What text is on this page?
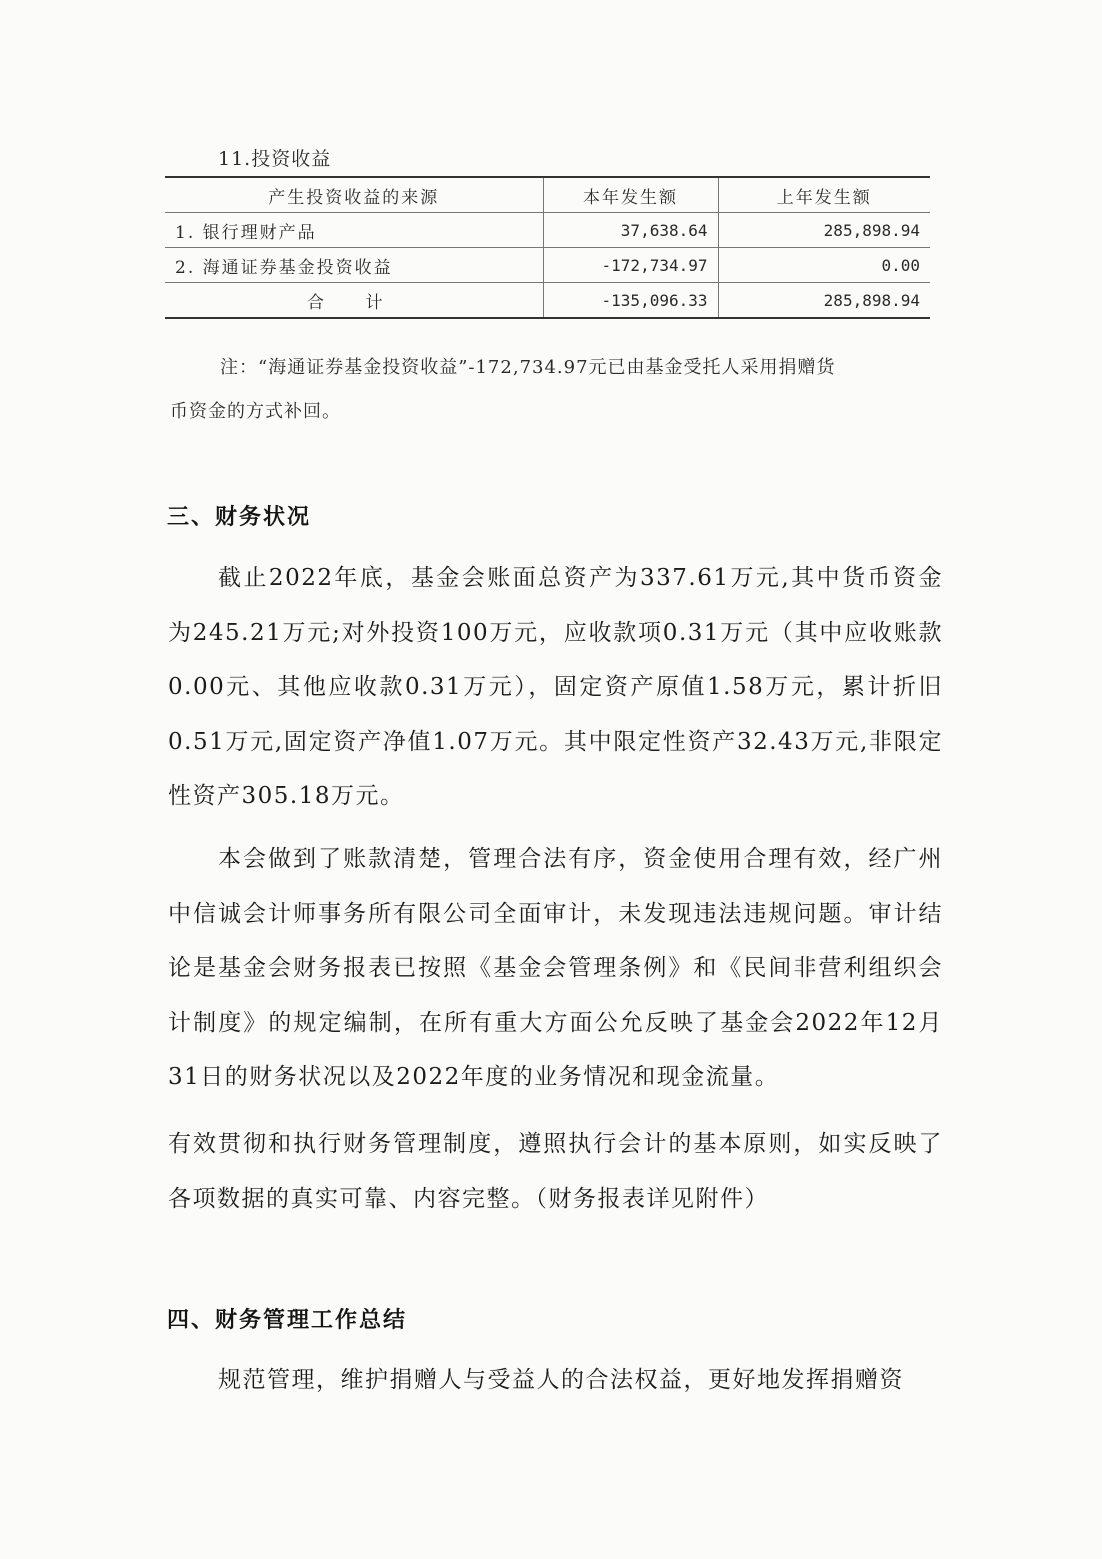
11.投资收益
产生投资收益的来源	本年发生额	上年发生额
1. 银行理财产品	37,638.64	285,898.94
2. 海通证券基金投资收益	-172,734.97	0.00
合 计	-135,096.33	285,898.94
注：“海通证券基金投资收益”-172,734.97元已由基金受托人采用捐赠货
币资金的方式补回。
三、财务状况
截止2022年底，基金会账面总资产为337.61万元,其中货币资金为245.21万元;对外投资100万元，应收款项0.31万元（其中应收账款0.00元、其他应收款0.31万元），固定资产原值1.58万元，累计折旧0.51万元,固定资产净值1.07万元。其中限定性资产32.43万元,非限定性资产305.18万元。
本会做到了账款清楚，管理合法有序，资金使用合理有效，经广州中信诚会计师事务所有限公司全面审计，未发现违法违规问题。审计结论是基金会财务报表已按照《基金会管理条例》和《民间非营利组织会计制度》的规定编制，在所有重大方面公允反映了基金会2022年12月31日的财务状况以及2022年度的业务情况和现金流量。
有效贯彻和执行财务管理制度，遵照执行会计的基本原则，如实反映了各项数据的真实可靠、内容完整。（财务报表详见附件）
四、财务管理工作总结
规范管理，维护捐赠人与受益人的合法权益，更好地发挥捐赠资
